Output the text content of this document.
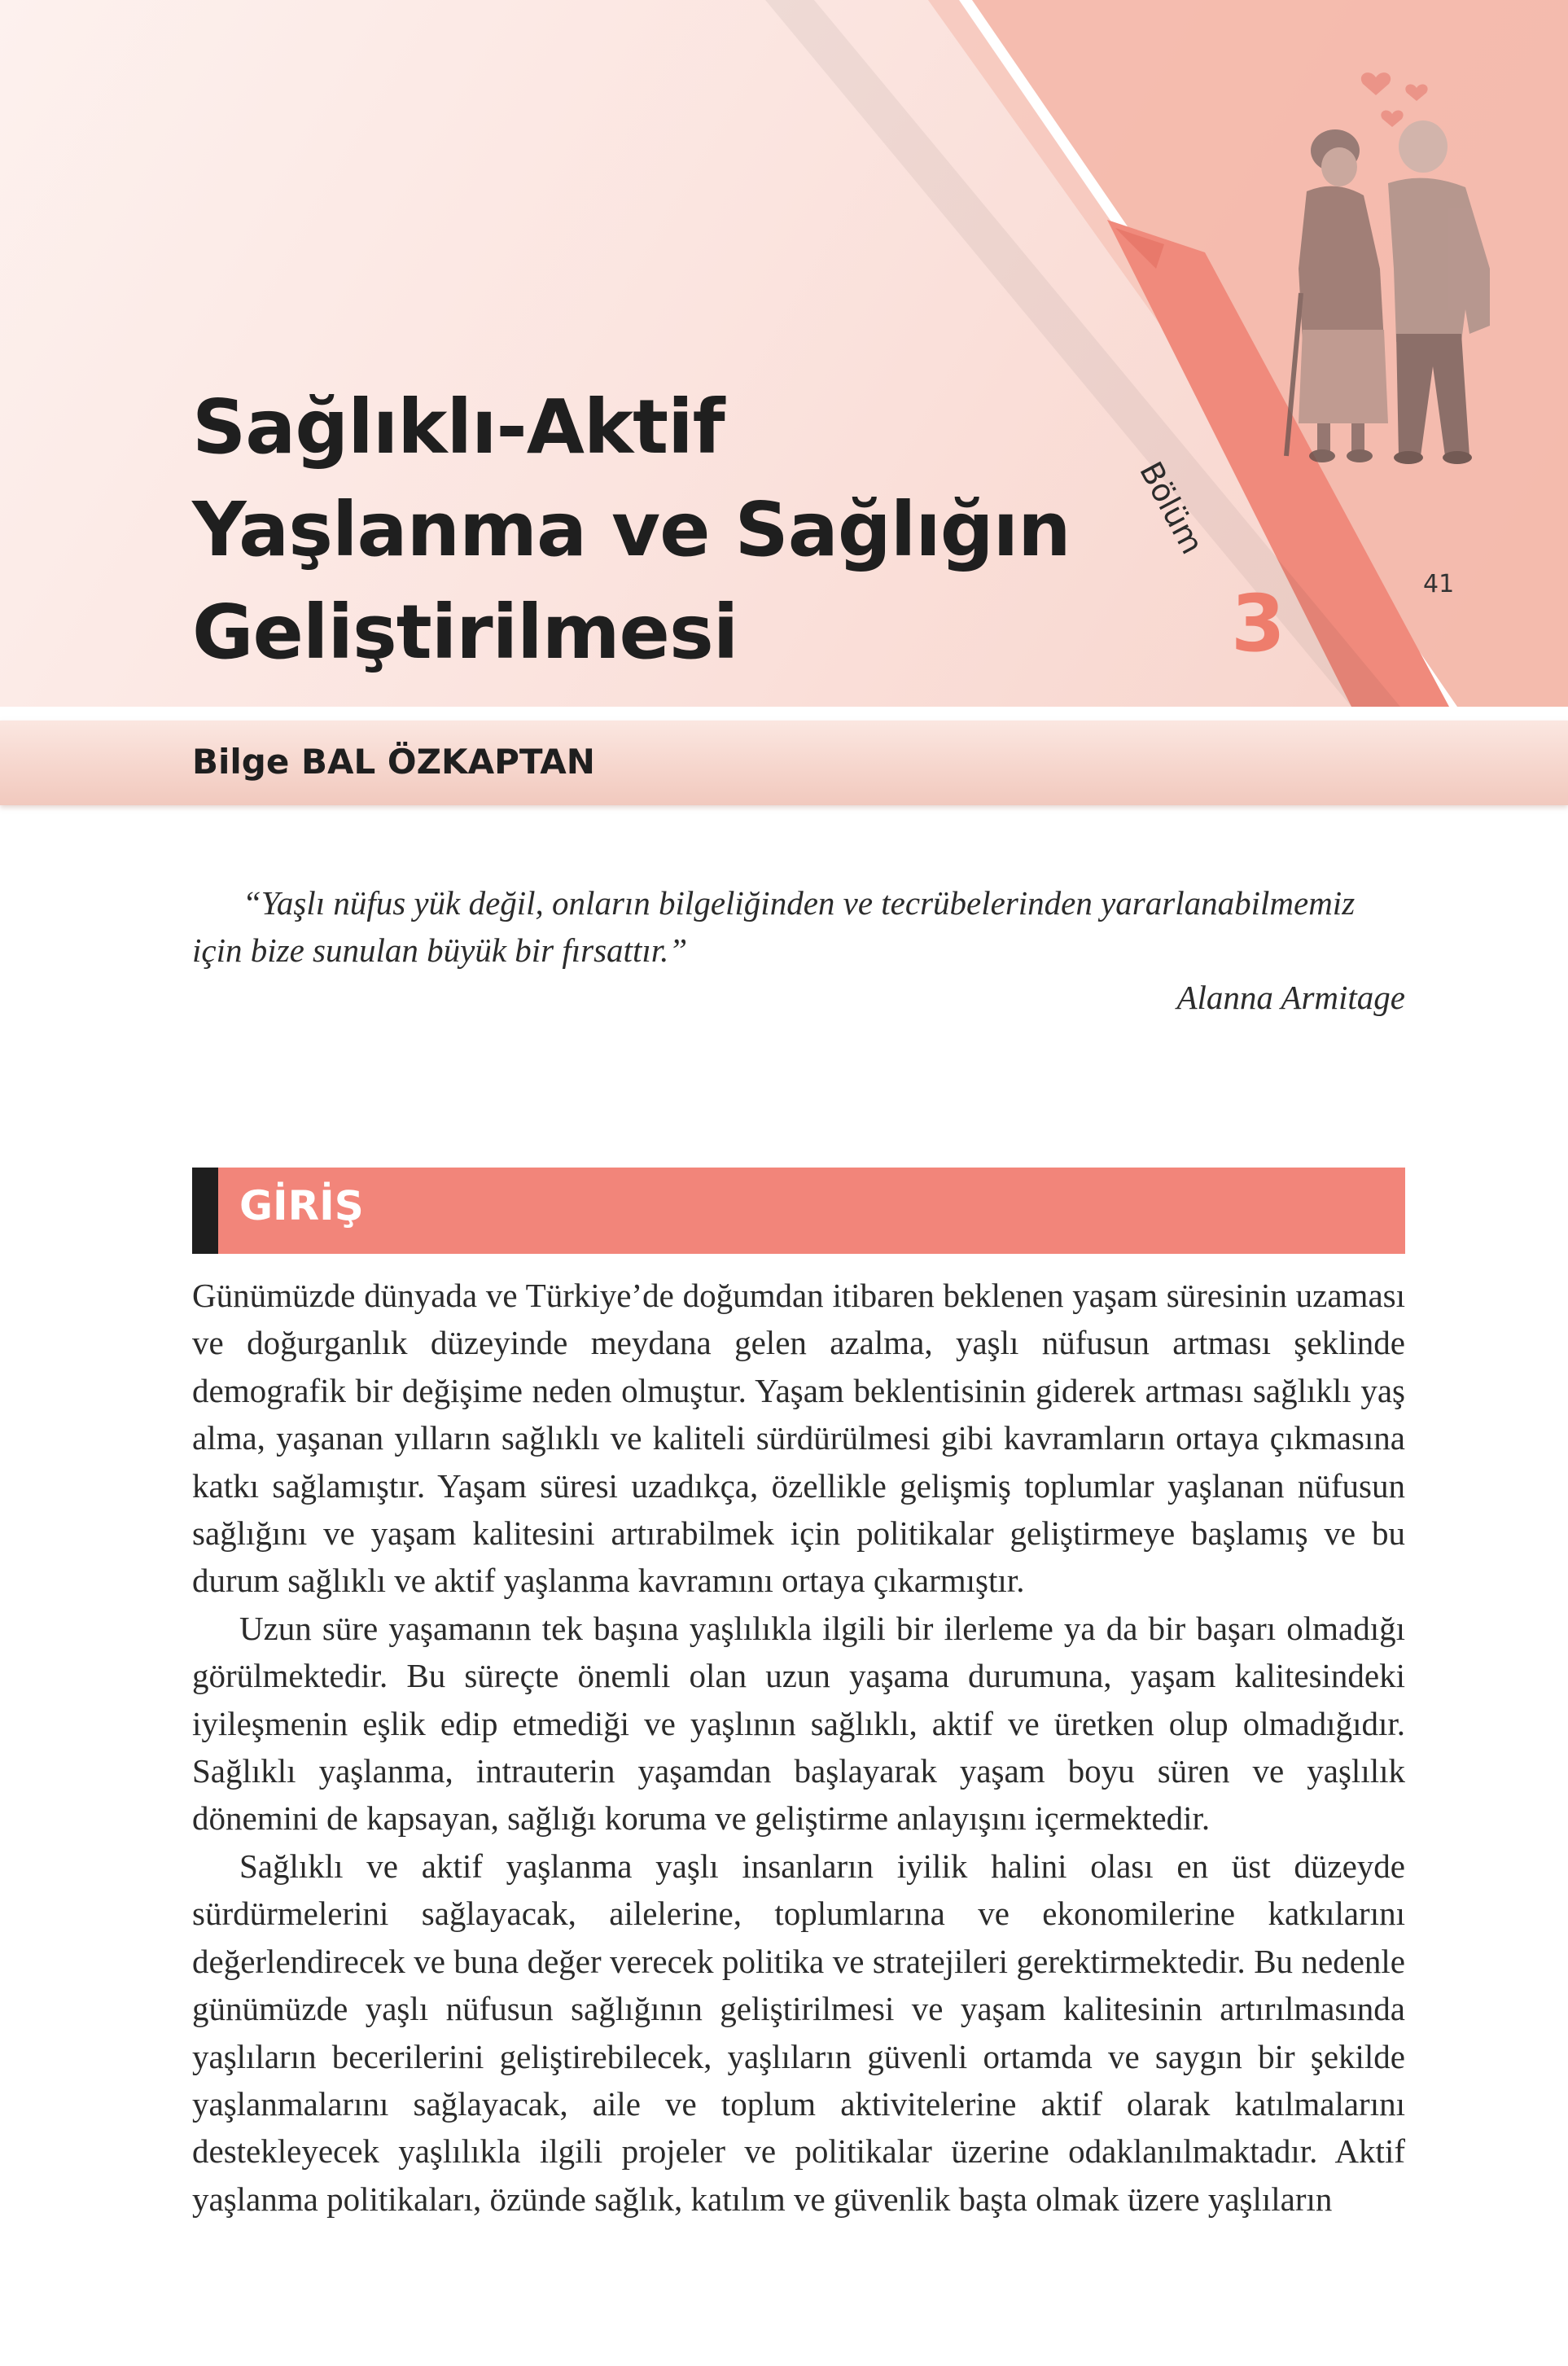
Sağlıklı-Aktif
Yaşlanma ve Sağlığın
Geliştirilmesi
Bölüm
3	41
Bilge BAL ÖZKAPTAN
“Yaşlı nüfus yük değil, onların bilgeliğinden ve tecrübelerinden yararlanabilmemiz için bize sunulan büyük bir fırsattır.”
Alanna Armitage
GİRİŞ

Günümüzde dünyada ve Türkiye’de doğumdan itibaren beklenen yaşam süresinin uzaması ve doğurganlık düzeyinde meydana gelen azalma, yaşlı nüfusun artması şeklinde demografik bir değişime neden olmuştur. Yaşam beklentisinin giderek artması sağlıklı yaş alma, yaşanan yılların sağlıklı ve kaliteli sürdürülmesi gibi kavramların ortaya çıkmasına katkı sağlamıştır. Yaşam süresi uzadıkça, özellikle gelişmiş toplumlar yaşlanan nüfusun sağlığını ve yaşam kalitesini artırabilmek için politikalar geliştirmeye başlamış ve bu durum sağlıklı ve aktif yaşlanma kavramını ortaya çıkarmıştır.

Uzun süre yaşamanın tek başına yaşlılıkla ilgili bir ilerleme ya da bir başarı olmadığı görülmektedir. Bu süreçte önemli olan uzun yaşama durumuna, yaşam kalitesindeki iyileşmenin eşlik edip etmediği ve yaşlının sağlıklı, aktif ve üretken olup olmadığıdır. Sağlıklı yaşlanma, intrauterin yaşamdan başlayarak yaşam boyu süren ve yaşlılık dönemini de kapsayan, sağlığı koruma ve geliştirme anlayışını içermektedir.

Sağlıklı ve aktif yaşlanma yaşlı insanların iyilik halini olası en üst düzeyde sürdürmelerini sağlayacak, ailelerine, toplumlarına ve ekonomilerine katkılarını değerlendirecek ve buna değer verecek politika ve stratejileri gerektirmektedir. Bu nedenle günümüzde yaşlı nüfusun sağlığının geliştirilmesi ve yaşam kalitesinin artırılmasında yaşlıların becerilerini geliştirebilecek, yaşlıların güvenli ortamda ve saygın bir şekilde yaşlanmalarını sağlayacak, aile ve toplum aktivitelerine aktif olarak katılmalarını destekleyecek yaşlılıkla ilgili projeler ve politikalar üzerine odaklanılmaktadır. Aktif yaşlanma politikaları, özünde sağlık, katılım ve güvenlik başta olmak üzere yaşlıların
